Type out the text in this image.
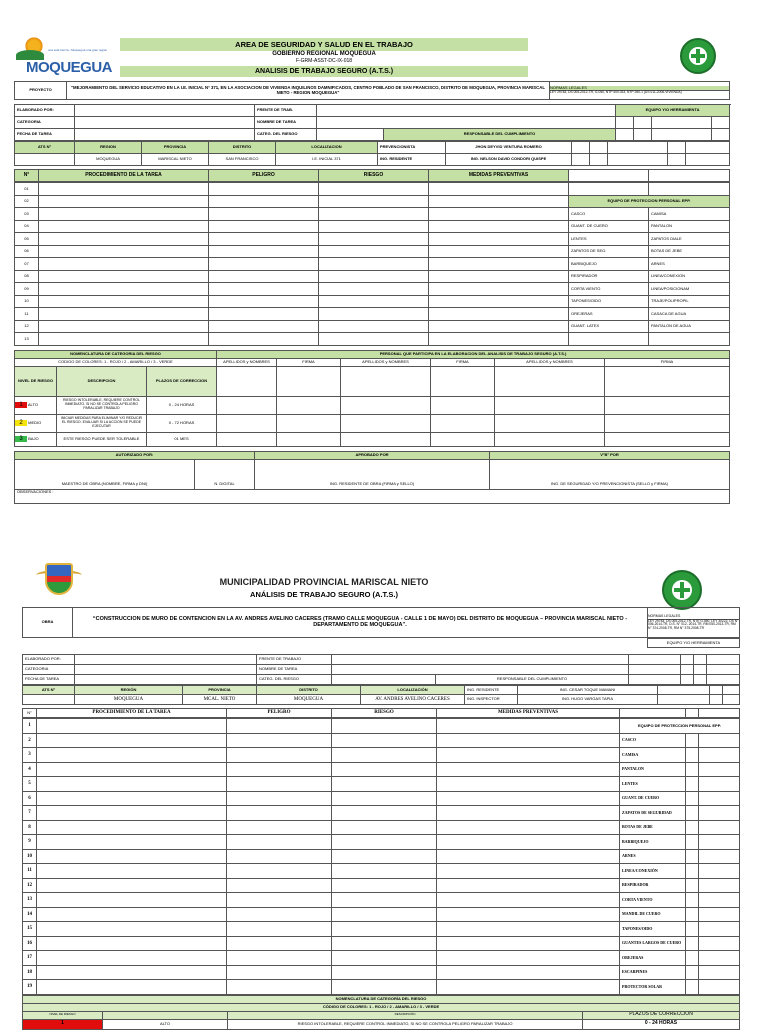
una sola fuerza - Moquegua una gran región
MOQUEGUA
AREA DE SEGURIDAD Y SALUD EN EL TRABAJO
GOBIERNO REGIONAL MOQUEGUA
F-GRM-ASST-DC-IX-018
ANALISIS DE TRABAJO SEGURO (A.T.S.)
PROYECTO	"MEJORAMIENTO DEL SERVICIO EDUCATIVO EN LA I.E. INICIAL N° 371, EN LA ASOCIACION DE VIVIENDA INQUILINOS DAMNIFICADOS, CENTRO POBLADO DE SAN FRANCISCO, DISTRITO DE MOQUEGUA, PROVINCIA MARISCAL NIETO - REGION MOQUEGUA"	
NORMAS LEGALES
LEY 29783, DS 005-2012-TR, G-050, NTP 400.033, NTP 260-1 (DS 011-2006-VIVIENDA)
ELABORADO POR:		FRENTE DE TRAB.			EQUIPO Y/O HERRAMIENTA				
CATEGORIA		NOMBRE DE TAREA							
FECHA DE TAREA		CATEG. DEL RIESGO		RESPONSABLE DEL CUMPLIMIENTO					
ATS N°	REGION	PROVINCIA	DISTRITO	LOCALIZACION	PREVENCIONISTA	JHON DEYVID VENTURA ROMERO					
	MOQUEGUA	MARISCAL NIETO	SAN FRANCISCO	I.E. INICIAL 371	ING. RESIDENTE	ING. NELSON DAVID CONDORI QUISPE					
N°	PROCEDIMIENTO DE LA TAREA	PELIGRO	RIESGO	MEDIDAS PREVENTIVAS		
01						
02					EQUIPO DE PROTECCION PERSONAL EPP.	
03					CASCO	CAMISA
04					GUANT. DE CUERO	PANTALON
05					LENTES	ZAPATOS DIALE
06					ZAPATOS DE SEG.	BOTAS DE JEBE
07					BARBIQUEJO	ARNES
08					RESPIRADOR	LINEA/CONEXION
09					CORTA VIENTO	LINEA/POSICIONAM
10					TAPONES/OIDO	TRAJE/POLIPROPIL
11					OREJERAS	CASACA DE AGUA
12					GUANT. LATEX	PANTALON DE AGUA
13						
NOMENCLATURA DE CATEGORIA DEL RIESGO			PERSONAL QUE PARTICIPA EN LA ELABORACION DEL ANALISIS DE TRABAJO SEGURO (A.T.S.)					
CODIGO DE COLORES: 1 - ROJO / 2 - AMARILLO / 3 - VERDE			APELLIDOS y NOMBRES	FIRMA	APELLIDOS y NOMBRES	FIRMA	APELLIDOS y NOMBRES	FIRMA
NIVEL DE RIESGO	DESCRIPCION	PLAZOS DE CORRECCION						
1 ALTO	RIESGO INTOLERABLE, REQUIERE CONTROL INMEDIATO. SI NO SE CONTROLA PELIGRO PARALIZAR TRABAJO	0 - 24 HORAS						
2 MEDIO	INICIAR MEDIDAS PARA ELIMINAR Y/O REDUCIR EL RIESGO. EVALUAR SI LA ACCION SE PUEDE EJECUTAR	0 - 72 HORAS						
3 BAJO	ESTE RIESGO PUEDE SER TOLERABLE	01 MES						
AUTORIZADO POR:		APROBADO POR	V°B° POR
MAESTRO DE OBRA (NOMBRE, FIRMA y DNI)	N. DIGITAL	ING. RESIDENTE DE OBRA (FIRMA y SELLO)	ING. DE SEGURIDAD Y/O PREVENCIONISTA (SELLO y FIRMA)
OBSERVACIONES :			
MUNICIPALIDAD PROVINCIAL MARISCAL NIETO
ANÁLISIS DE TRABAJO SEGURO (A.T.S.)
OBRA	“CONSTRUCCION DE MURO DE CONTENCION EN LA AV. ANDRES AVELINO CACERES (TRAMO CALLE MOQUEGUA - CALLE 1 DE MAYO) DEL DISTRITO DE MOQUEGUA – PROVINCIA MARISCAL NIETO - DEPARTAMENTO DE MOQUEGUA”.	
NORMAS LEGALES
LEY 29783, DS 005-2012-TR, NTE G.050, LEY 30222, DS N° 006-2014-TR, D.S. N° 012- 2014-TR, RM 050-2013-TR, RM N° 374-2008-TR, RM N° 375-2008-TR
	EQUIPO Y/O HERRAMIENTA
ELABORADO POR:		FRENTE DE TRABAJO						
CATEGORIA		NOMBRE DE TAREA						
FECHA DE TAREA		CATEG. DEL RIESGO		RESPONSABLE DEL CUMPLIMIENTO				
ATS N°	REGIÓN	PROVINCIA	DISTRITO	LOCALIZACIÓN	ING. RESIDENTE	ING. CESAR TOQUE MAMANI			
	MOQUEGUA	MCAL. NIETO	MOQUEGUA	AV. ANDRES AVELINO CACERES	ING. INSPECTOR	ING. HUGO VARGAS TAPIA			
N°	PROCEDIMIENTO DE LA TAREA	PELIGRO	RIESGO	MEDIDAS PREVENTIVAS			
1					EQUIPO DE PROTECCION PERSONAL EPP.		
2					CASCO		
3					CAMISA		
4					PANTALON		
5					LENTES		
6					GUANT. DE CUERO		
7					ZAPATOS DE SEGURIDAD		
8					BOTAS DE JEBE		
9					BARBIQUEJO		
10					ARNES		
11					LINEA/CONEXIÓN		
12					RESPIRADOR		
13					CORTA VIENTO		
14					MANDIL DE CUERO		
15					TAPONES/OIDO		
16					GUANTES LARGOS DE CUERO		
17					OREJERAS		
18					ESCARPINES		
19					PROTECTOR SOLAR		
NOMENCLATURA DE CATEGORÍA DEL RIESGO			
CÓDIGO DE COLORES: 1 - ROJO / 2 - AMARILLO / 3 - VERDE			
NIVEL DE RIESGO		DESCRIPCIÓN	PLAZOS DE CORRECCIÓN
1	ALTO	RIESGO INTOLERABLE, REQUIERE CONTROL INMEDIATO, SI NO SE CONTROLA PELIGRO PARALIZAR TRABAJO	0 - 24 HORAS
